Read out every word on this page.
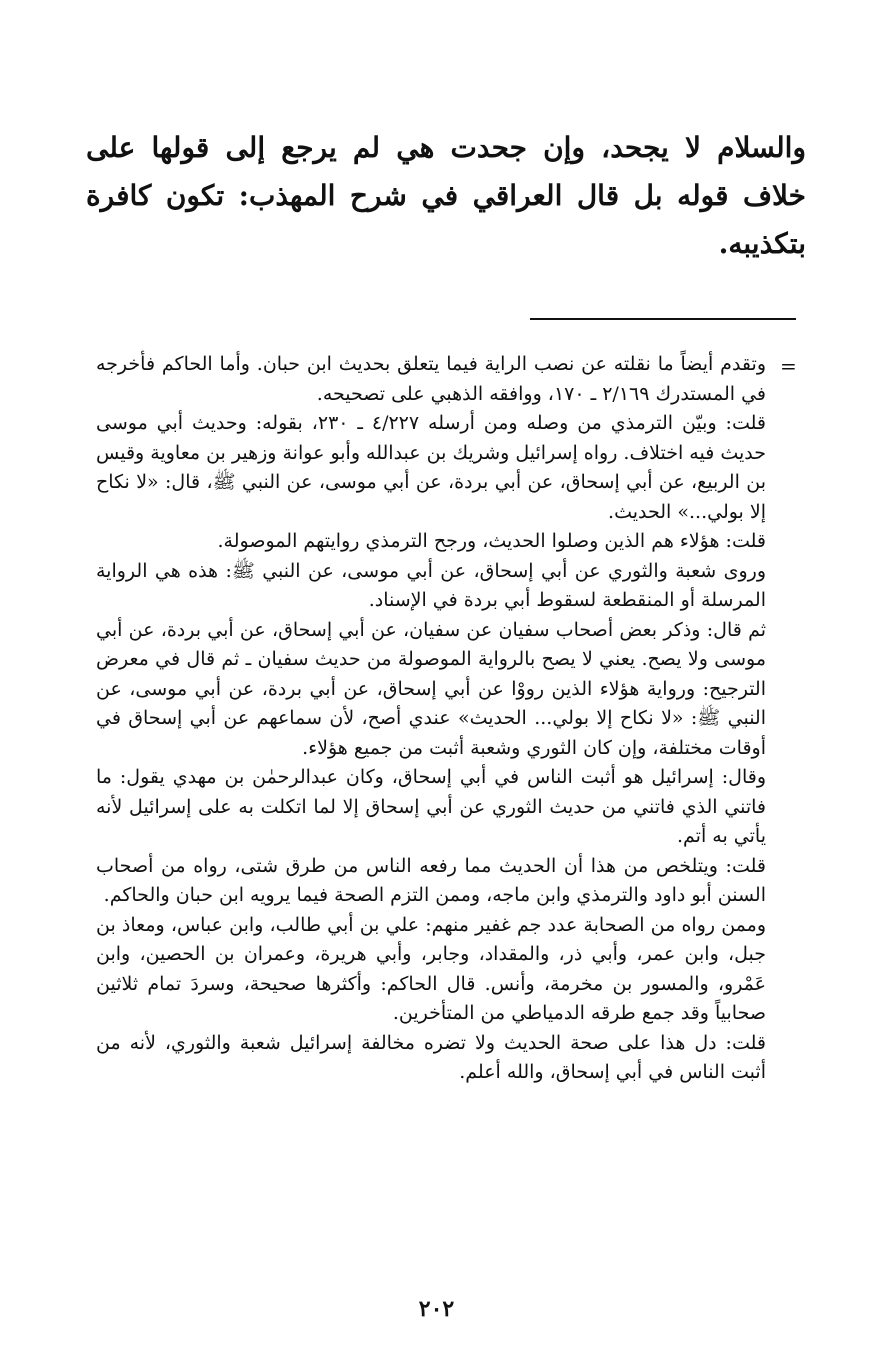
والسلام لا يجحد، وإن جحدت هي لم يرجع إلى قولها على خلاف قوله بل قال العراقي في شرح المهذب: تكون كافرة بتكذيبه.

=

وتقدم أيضاً ما نقلته عن نصب الراية فيما يتعلق بحديث ابن حبان. وأما الحاكم فأخرجه في المستدرك ٢/١٦٩ ـ ١٧٠، ووافقه الذهبي على تصحيحه.

قلت: وبيّن الترمذي من وصله ومن أرسله ٤/٢٢٧ ـ ٢٣٠، بقوله: وحديث أبي موسى حديث فيه اختلاف. رواه إسرائيل وشريك بن عبدالله وأبو عوانة وزهير بن معاوية وقيس بن الربيع، عن أبي إسحاق، عن أبي بردة، عن أبي موسى، عن النبي ﷺ، قال: «لا نكاح إلا بولي...» الحديث.

قلت: هؤلاء هم الذين وصلوا الحديث، ورجح الترمذي روايتهم الموصولة.

وروى شعبة والثوري عن أبي إسحاق، عن أبي موسى، عن النبي ﷺ: هذه هي الرواية المرسلة أو المنقطعة لسقوط أبي بردة في الإسناد.

ثم قال: وذكر بعض أصحاب سفيان عن سفيان، عن أبي إسحاق، عن أبي بردة، عن أبي موسى ولا يصح. يعني لا يصح بالرواية الموصولة من حديث سفيان ـ ثم قال في معرض الترجيح: ورواية هؤلاء الذين رووْا عن أبي إسحاق، عن أبي بردة، عن أبي موسى، عن النبي ﷺ: «لا نكاح إلا بولي... الحديث» عندي أصح، لأن سماعهم عن أبي إسحاق في أوقات مختلفة، وإن كان الثوري وشعبة أثبت من جميع هؤلاء.

وقال: إسرائيل هو أثبت الناس في أبي إسحاق، وكان عبدالرحمٰن بن مهدي يقول: ما فاتني الذي فاتني من حديث الثوري عن أبي إسحاق إلا لما اتكلت به على إسرائيل لأنه يأتي به أتم.

قلت: ويتلخص من هذا أن الحديث مما رفعه الناس من طرق شتى، رواه من أصحاب السنن أبو داود والترمذي وابن ماجه، وممن التزم الصحة فيما يرويه ابن حبان والحاكم.

وممن رواه من الصحابة عدد جم غفير منهم: علي بن أبي طالب، وابن عباس، ومعاذ بن جبل، وابن عمر، وأبي ذر، والمقداد، وجابر، وأبي هريرة، وعمران بن الحصين، وابن عَمْرو، والمسور بن مخرمة، وأنس. قال الحاكم: وأكثرها صحيحة، وسردَ تمام ثلاثين صحابياً وقد جمع طرقه الدمياطي من المتأخرين.

قلت: دل هذا على صحة الحديث ولا تضره مخالفة إسرائيل شعبة والثوري، لأنه من أثبت الناس في أبي إسحاق، والله أعلم.

٢٠٢
